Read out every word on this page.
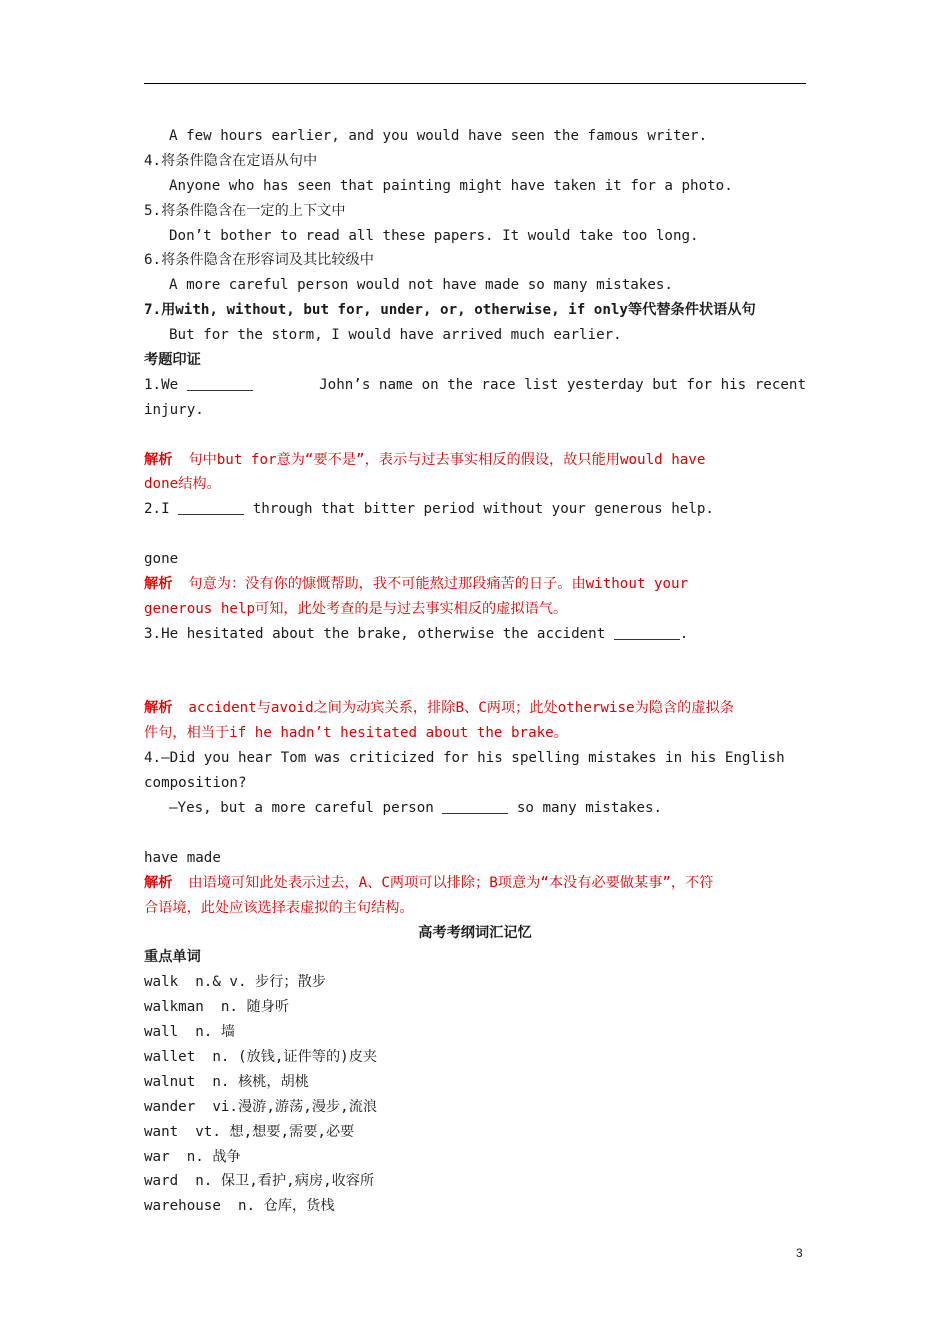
A few hours earlier, and you would have seen the famous writer.
4.将条件隐含在定语从句中
Anyone who has seen that painting might have taken it for a photo.
5.将条件隐含在一定的上下文中
Don’t bother to read all these papers. It would take too long.
6.将条件隐含在形容词及其比较级中
A more careful person would not have made so many mistakes.
7.用with, without, but for, under, or, otherwise, if only等代替条件状语从句
But for the storm, I would have arrived much earlier.
考题印证
1.We	John’s name on the race list yesterday but for his recent
injury.

解析 句中but for意为“要不是”，表示与过去事实相反的假设，故只能用would have
done结构。
2.I	through that bitter period without your generous help.

gone
解析 句意为：没有你的慷慨帮助，我不可能熬过那段痛苦的日子。由without your
generous help可知，此处考查的是与过去事实相反的虚拟语气。
3.He hesitated about the brake, otherwise the accident	.

解析 accident与avoid之间为动宾关系，排除B、C两项；此处otherwise为隐含的虚拟条
件句，相当于if he hadn’t hesitated about the brake。
4.—Did you hear Tom was criticized for his spelling mistakes in his English
composition?
—Yes, but a more careful person	so many mistakes.

have made
解析 由语境可知此处表示过去，A、C两项可以排除；B项意为“本没有必要做某事”，不符
合语境，此处应该选择表虚拟的主句结构。
高考考纲词汇记忆
重点单词
walk  n.& v. 步行；散步
walkman  n. 随身听
wall  n. 墙
wallet  n. (放钱,证件等的)皮夹
walnut  n. 核桃，胡桃
wander  vi.漫游,游荡,漫步,流浪
want  vt. 想,想要,需要,必要
war  n. 战争
ward  n. 保卫,看护,病房,收容所
warehouse  n. 仓库，货栈
3
